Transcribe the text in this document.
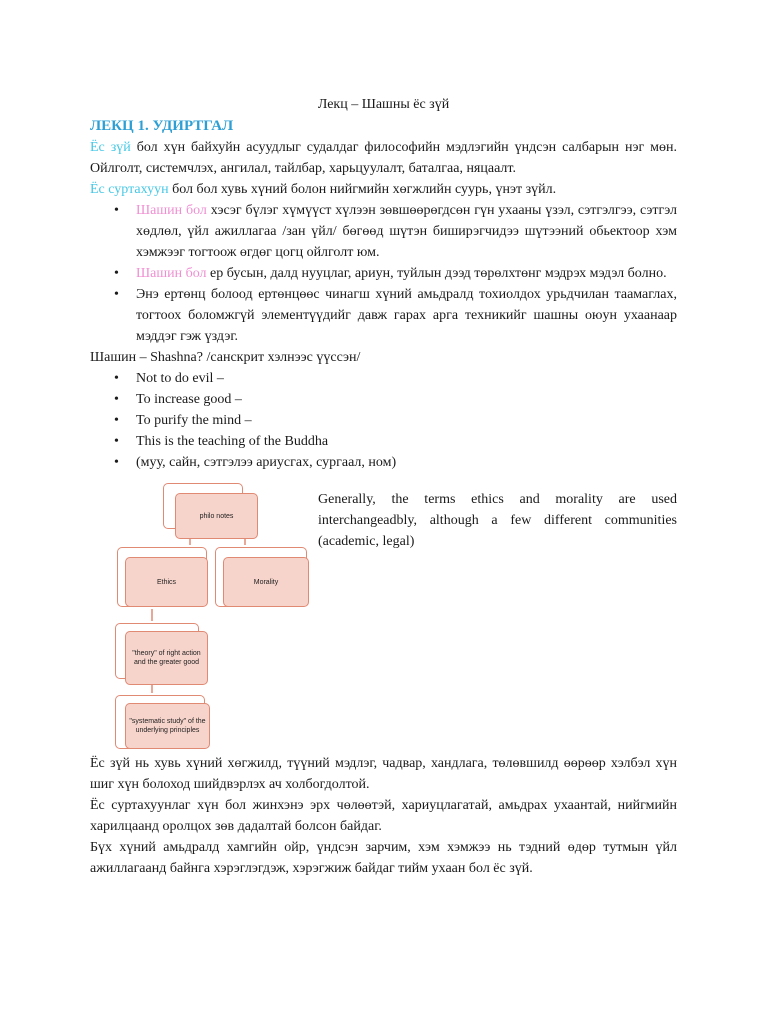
Лекц – Шашны ёс зүй

ЛЕКЦ 1. УДИРТГАЛ

Ёс зүй бол хүн байхуйн асуудлыг судалдаг философийн мэдлэгийн үндсэн салбарын нэг мөн. Ойлголт, системчлэх, ангилал, тайлбар, харьцуулалт, баталгаа, няцаалт.

Ёс суртахуун бол бол хувь хүний болон нийгмийн хөгжлийн суурь, үнэт зүйл.

• Шашин бол хэсэг бүлэг хүмүүст хүлээн зөвшөөрөгдсөн гүн ухааны үзэл, сэтгэлгээ, сэтгэл хөдлөл, үйл ажиллагаа /зан үйл/ бөгөөд шүтэн биширэгчидээ шүтээний обьектоор хэм хэмжээг тогтоож өгдөг цогц ойлголт юм.
• Шашин бол ер бусын, далд нууцлаг, ариун, туйлын дээд төрөлхтөнг мэдрэх мэдэл болно.
• Энэ ертөнц болоод ертөнцөөс чинагш хүний амьдралд тохиолдох урьдчилан таамаглах, тогтоох боломжгүй элементүүдийг давж гарах арга техникийг шашны оюун ухаанаар мэддэг гэж үздэг.

Шашин – Shashna? /санскрит хэлнээс үүссэн/

• Not to do evil –
• To increase good –
• To purify the mind –
• This is the teaching of the Buddha
• (муу, сайн, сэтгэлээ ариусгах, сургаал, ном)
philo notes
Ethics	Morality
"theory" of right action and the greater good
"systematic study" of the underlying principles

Generally, the terms ethics and morality are used interchangeadbly, although a few different communities (academic, legal)

Ёс зүй нь хувь хүний хөгжилд, түүний мэдлэг, чадвар, хандлага, төлөвшилд өөрөөр хэлбэл хүн шиг хүн болоход шийдвэрлэх ач холбогдолтой.

Ёс суртахуунлаг хүн бол жинхэнэ эрх чөлөөтэй, хариуцлагатай, амьдрах ухаантай, нийгмийн харилцаанд оролцох зөв дадалтай болсон байдаг.

Бүх хүний амьдралд хамгийн ойр, үндсэн зарчим, хэм хэмжээ нь тэдний өдөр тутмын үйл ажиллагаанд байнга хэрэглэгдэж, хэрэгжиж байдаг тийм ухаан бол ёс зүй.
